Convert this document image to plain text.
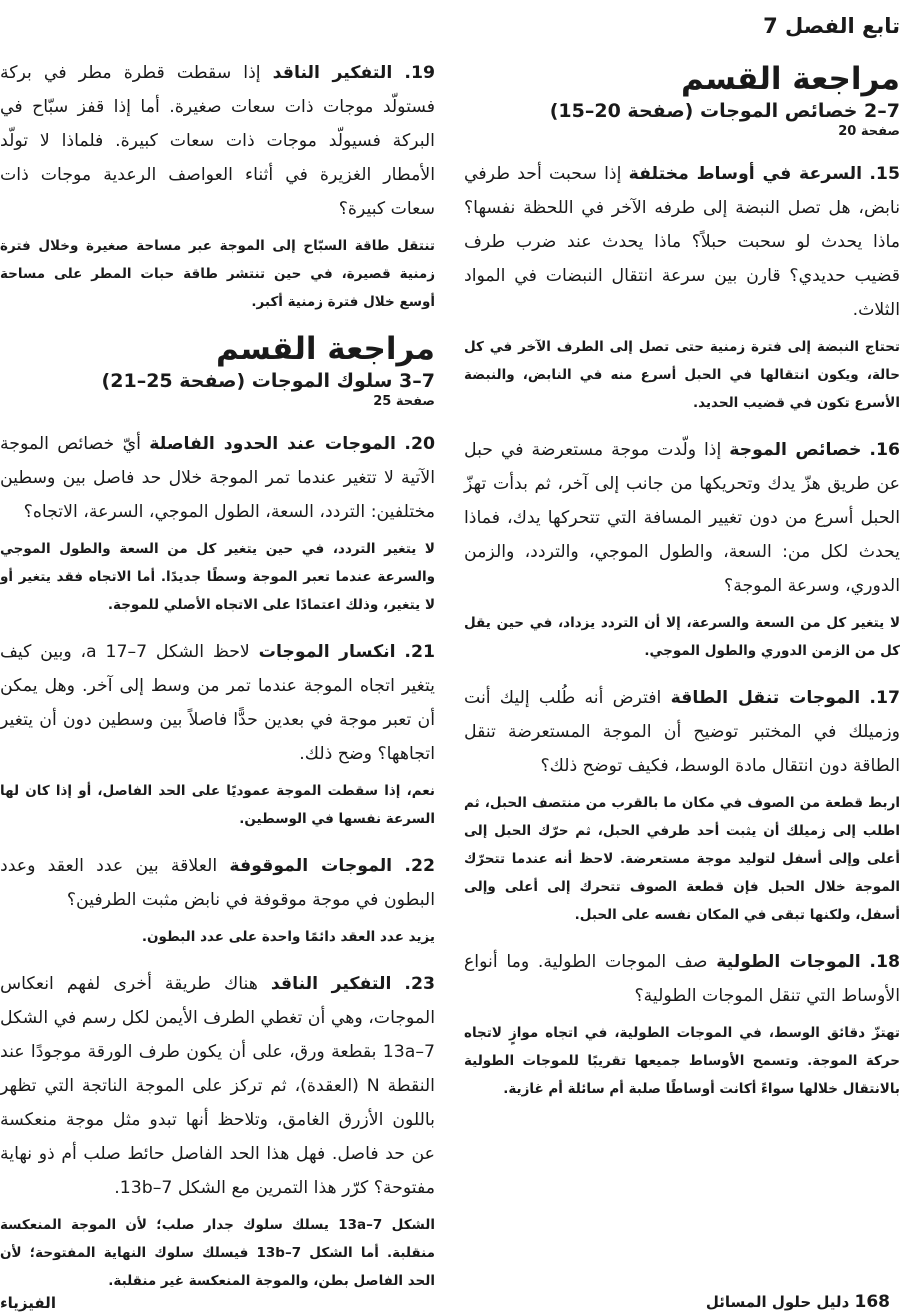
تابع الفصل 7
مراجعة القسم
7–2 خصائص الموجات (صفحة 20–15)
صفحة 20

15. السرعة في أوساط مختلفة إذا سحبت أحد طرفي نابض، هل تصل النبضة إلى طرفه الآخر في اللحظة نفسها؟ ماذا يحدث لو سحبت حبلاً؟ ماذا يحدث عند ضرب طرف قضيب حديدي؟ قارن بين سرعة انتقال النبضات في المواد الثلاث.

تحتاج النبضة إلى فترة زمنية حتى تصل إلى الطرف الآخر في كل حالة، ويكون انتقالها في الحبل أسرع منه في النابض، والنبضة الأسرع تكون في قضيب الحديد.

16. خصائص الموجة إذا ولّدت موجة مستعرضة في حبل عن طريق هزّ يدك وتحريكها من جانب إلى آخر، ثم بدأت تهزّ الحبل أسرع من دون تغيير المسافة التي تتحركها يدك، فماذا يحدث لكل من: السعة، والطول الموجي، والتردد، والزمن الدوري، وسرعة الموجة؟

لا يتغير كل من السعة والسرعة، إلا أن التردد يزداد، في حين يقل كل من الزمن الدوري والطول الموجي.

17. الموجات تنقل الطاقة افترض أنه طُلب إليك أنت وزميلك في المختبر توضيح أن الموجة المستعرضة تنقل الطاقة دون انتقال مادة الوسط، فكيف توضح ذلك؟

اربط قطعة من الصوف في مكان ما بالقرب من منتصف الحبل، ثم اطلب إلى زميلك أن يثبت أحد طرفي الحبل، ثم حرّك الحبل إلى أعلى وإلى أسفل لتوليد موجة مستعرضة. لاحظ أنه عندما تتحرّك الموجة خلال الحبل فإن قطعة الصوف تتحرك إلى أعلى وإلى أسفل، ولكنها تبقى في المكان نفسه على الحبل.

18. الموجات الطولية صف الموجات الطولية. وما أنواع الأوساط التي تنقل الموجات الطولية؟

تهتزّ دقائق الوسط، في الموجات الطولية، في اتجاه موازٍ لاتجاه حركة الموجة. وتسمح الأوساط جميعها تقريبًا للموجات الطولية بالانتقال خلالها سواءً أكانت أوساطًا صلبة أم سائلة أم غازية.

19. التفكير الناقد إذا سقطت قطرة مطر في بركة فستولّد موجات ذات سعات صغيرة. أما إذا قفز سبّاح في البركة فسيولّد موجات ذات سعات كبيرة. فلماذا لا تولّد الأمطار الغزيرة في أثناء العواصف الرعدية موجات ذات سعات كبيرة؟

تنتقل طاقة السبّاح إلى الموجة عبر مساحة صغيرة وخلال فترة زمنية قصيرة، في حين تنتشر طاقة حبات المطر على مساحة أوسع خلال فترة زمنية أكبر.

مراجعة القسم
7–3 سلوك الموجات (صفحة 25–21)
صفحة 25

20. الموجات عند الحدود الفاصلة أيّ خصائص الموجة الآتية لا تتغير عندما تمر الموجة خلال حد فاصل بين وسطين مختلفين: التردد، السعة، الطول الموجي، السرعة، الاتجاه؟

لا يتغير التردد، في حين يتغير كل من السعة والطول الموجي والسرعة عندما تعبر الموجة وسطًا جديدًا. أما الاتجاه فقد يتغير أو لا يتغير، وذلك اعتمادًا على الاتجاه الأصلي للموجة.

21. انكسار الموجات لاحظ الشكل 7–17 a، وبين كيف يتغير اتجاه الموجة عندما تمر من وسط إلى آخر. وهل يمكن أن تعبر موجة في بعدين حدًّا فاصلاً بين وسطين دون أن يتغير اتجاهها؟ وضح ذلك.

نعم، إذا سقطت الموجة عموديًا على الحد الفاصل، أو إذا كان لها السرعة نفسها في الوسطين.

22. الموجات الموقوفة العلاقة بين عدد العقد وعدد البطون في موجة موقوفة في نابض مثبت الطرفين؟

يزيد عدد العقد دائمًا واحدة على عدد البطون.

23. التفكير الناقد هناك طريقة أخرى لفهم انعكاس الموجات، وهي أن تغطي الطرف الأيمن لكل رسم في الشكل 7–13a بقطعة ورق، على أن يكون طرف الورقة موجودًا عند النقطة N (العقدة)، ثم تركز على الموجة الناتجة التي تظهر باللون الأزرق الغامق، وتلاحظ أنها تبدو مثل موجة منعكسة عن حد فاصل. فهل هذا الحد الفاصل حائط صلب أم ذو نهاية مفتوحة؟ كرّر هذا التمرين مع الشكل 7–13b.

الشكل 7–13a يسلك سلوك جدار صلب؛ لأن الموجة المنعكسة منقلبة. أما الشكل 7–13b فيسلك سلوك النهاية المفتوحة؛ لأن الحد الفاصل بطن، والموجة المنعكسة غير منقلبة.

168 دليل حلول المسائل
الفيزياء
